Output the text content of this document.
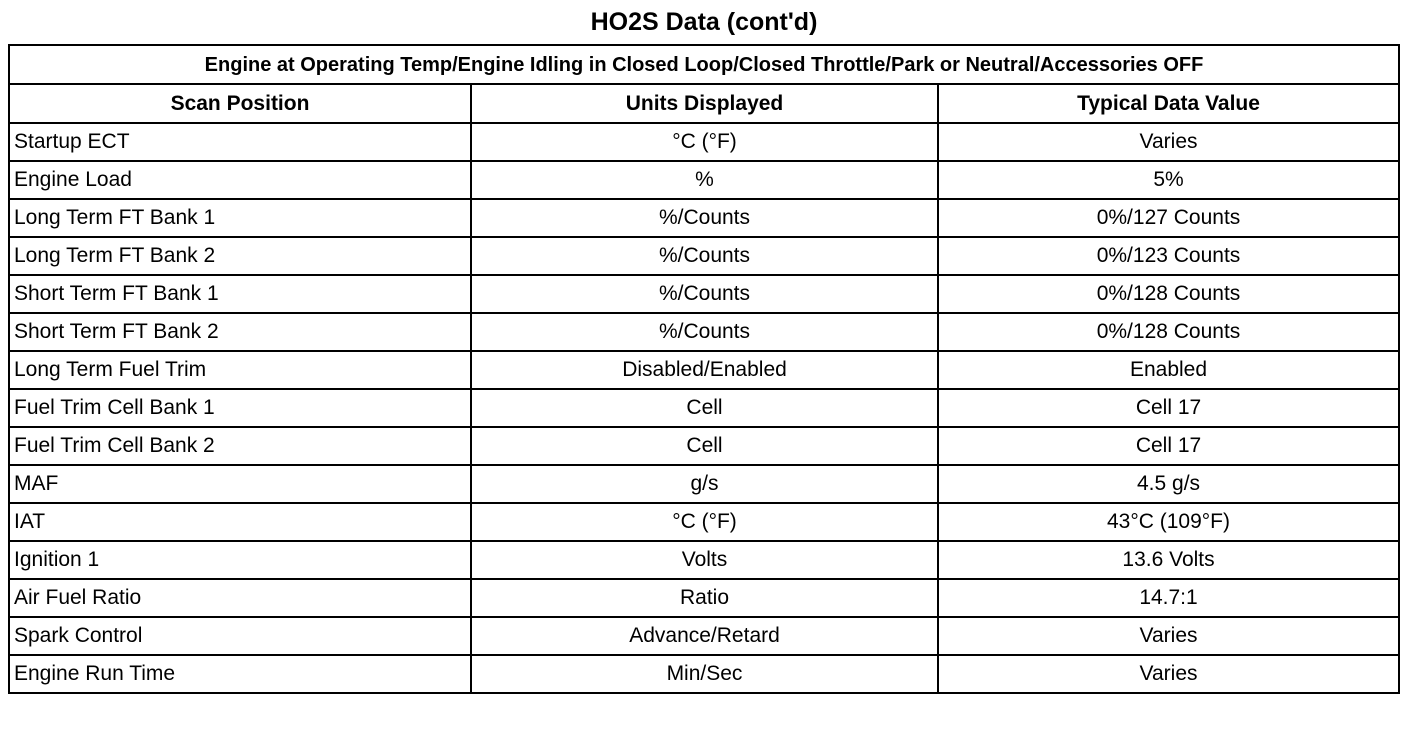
HO2S Data (cont'd)
Engine at Operating Temp/Engine Idling in Closed Loop/Closed Throttle/Park or Neutral/Accessories OFF		
Scan Position	Units Displayed	Typical Data Value
Startup ECT	°C (°F)	Varies
Engine Load	%	5%
Long Term FT Bank 1	%/Counts	0%/127 Counts
Long Term FT Bank 2	%/Counts	0%/123 Counts
Short Term FT Bank 1	%/Counts	0%/128 Counts
Short Term FT Bank 2	%/Counts	0%/128 Counts
Long Term Fuel Trim	Disabled/Enabled	Enabled
Fuel Trim Cell Bank 1	Cell	Cell 17
Fuel Trim Cell Bank 2	Cell	Cell 17
MAF	g/s	4.5 g/s
IAT	°C (°F)	43°C (109°F)
Ignition 1	Volts	13.6 Volts
Air Fuel Ratio	Ratio	14.7:1
Spark Control	Advance/Retard	Varies
Engine Run Time	Min/Sec	Varies
